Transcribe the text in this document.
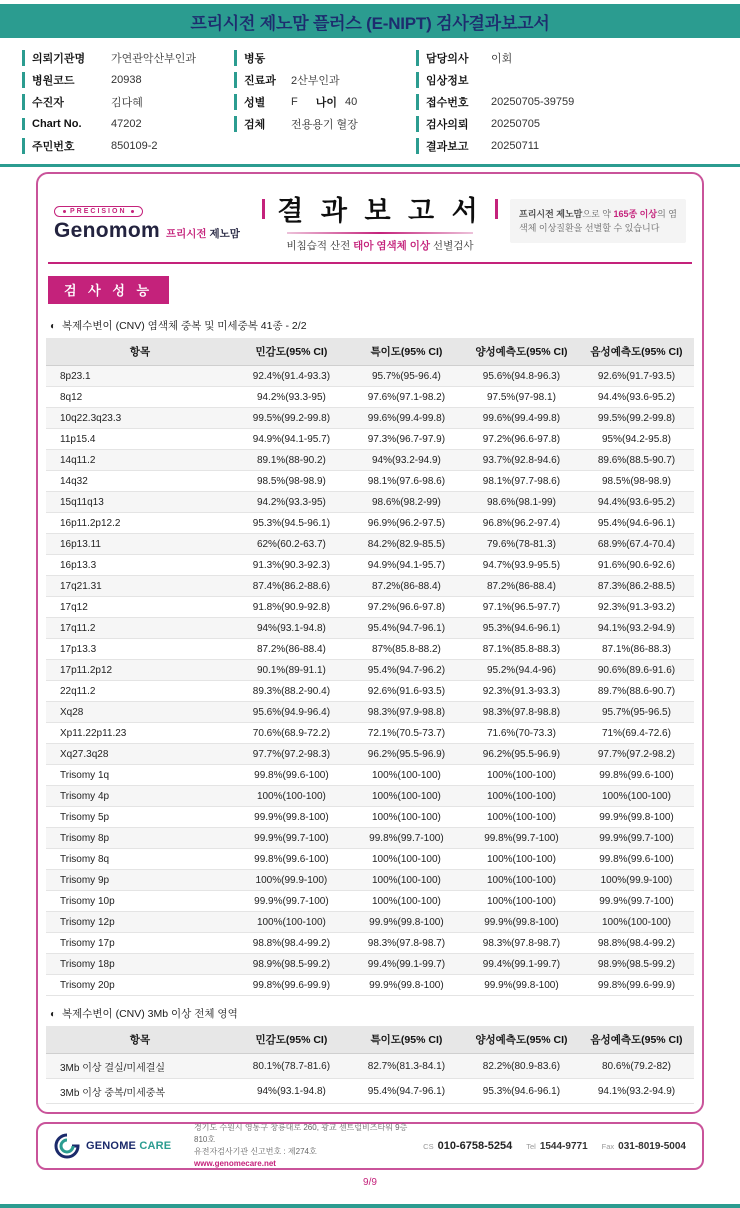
프리시전 제노맘 플러스 (E-NIPT) 검사결과보고서
의뢰기관명	가연관악산부인과
병원코드	20938
수진자	김다혜
Chart No.	47202
주민번호	850109-2
병동
진료과	2산부인과
성별	F 나이 40
검체	전용용기 혈장
담당의사	이회
임상정보
접수번호	20250705-39759
검사의뢰	20250705
결과보고	20250711
PRECISION
Genomom 프리시전 제노맘
결 과 보 고 서
비침습적 산전 태아 염색체 이상 선별검사
프리시전 제노맘으로 약 165종 이상의 염색체 이상질환을 선별할 수 있습니다
검 사 성 능
◐ 복제수변이 (CNV) 염색체 중복 및 미세중복 41종 - 2/2
항목	민감도(95% CI)	특이도(95% CI)	양성예측도(95% CI)	음성예측도(95% CI)
8p23.1	92.4%(91.4-93.3)	95.7%(95-96.4)	95.6%(94.8-96.3)	92.6%(91.7-93.5)
8q12	94.2%(93.3-95)	97.6%(97.1-98.2)	97.5%(97-98.1)	94.4%(93.6-95.2)
10q22.3q23.3	99.5%(99.2-99.8)	99.6%(99.4-99.8)	99.6%(99.4-99.8)	99.5%(99.2-99.8)
11p15.4	94.9%(94.1-95.7)	97.3%(96.7-97.9)	97.2%(96.6-97.8)	95%(94.2-95.8)
14q11.2	89.1%(88-90.2)	94%(93.2-94.9)	93.7%(92.8-94.6)	89.6%(88.5-90.7)
14q32	98.5%(98-98.9)	98.1%(97.6-98.6)	98.1%(97.7-98.6)	98.5%(98-98.9)
15q11q13	94.2%(93.3-95)	98.6%(98.2-99)	98.6%(98.1-99)	94.4%(93.6-95.2)
16p11.2p12.2	95.3%(94.5-96.1)	96.9%(96.2-97.5)	96.8%(96.2-97.4)	95.4%(94.6-96.1)
16p13.11	62%(60.2-63.7)	84.2%(82.9-85.5)	79.6%(78-81.3)	68.9%(67.4-70.4)
16p13.3	91.3%(90.3-92.3)	94.9%(94.1-95.7)	94.7%(93.9-95.5)	91.6%(90.6-92.6)
17q21.31	87.4%(86.2-88.6)	87.2%(86-88.4)	87.2%(86-88.4)	87.3%(86.2-88.5)
17q12	91.8%(90.9-92.8)	97.2%(96.6-97.8)	97.1%(96.5-97.7)	92.3%(91.3-93.2)
17q11.2	94%(93.1-94.8)	95.4%(94.7-96.1)	95.3%(94.6-96.1)	94.1%(93.2-94.9)
17p13.3	87.2%(86-88.4)	87%(85.8-88.2)	87.1%(85.8-88.3)	87.1%(86-88.3)
17p11.2p12	90.1%(89-91.1)	95.4%(94.7-96.2)	95.2%(94.4-96)	90.6%(89.6-91.6)
22q11.2	89.3%(88.2-90.4)	92.6%(91.6-93.5)	92.3%(91.3-93.3)	89.7%(88.6-90.7)
Xq28	95.6%(94.9-96.4)	98.3%(97.9-98.8)	98.3%(97.8-98.8)	95.7%(95-96.5)
Xp11.22p11.23	70.6%(68.9-72.2)	72.1%(70.5-73.7)	71.6%(70-73.3)	71%(69.4-72.6)
Xq27.3q28	97.7%(97.2-98.3)	96.2%(95.5-96.9)	96.2%(95.5-96.9)	97.7%(97.2-98.2)
Trisomy 1q	99.8%(99.6-100)	100%(100-100)	100%(100-100)	99.8%(99.6-100)
Trisomy 4p	100%(100-100)	100%(100-100)	100%(100-100)	100%(100-100)
Trisomy 5p	99.9%(99.8-100)	100%(100-100)	100%(100-100)	99.9%(99.8-100)
Trisomy 8p	99.9%(99.7-100)	99.8%(99.7-100)	99.8%(99.7-100)	99.9%(99.7-100)
Trisomy 8q	99.8%(99.6-100)	100%(100-100)	100%(100-100)	99.8%(99.6-100)
Trisomy 9p	100%(99.9-100)	100%(100-100)	100%(100-100)	100%(99.9-100)
Trisomy 10p	99.9%(99.7-100)	100%(100-100)	100%(100-100)	99.9%(99.7-100)
Trisomy 12p	100%(100-100)	99.9%(99.8-100)	99.9%(99.8-100)	100%(100-100)
Trisomy 17p	98.8%(98.4-99.2)	98.3%(97.8-98.7)	98.3%(97.8-98.7)	98.8%(98.4-99.2)
Trisomy 18p	98.9%(98.5-99.2)	99.4%(99.1-99.7)	99.4%(99.1-99.7)	98.9%(98.5-99.2)
Trisomy 20p	99.8%(99.6-99.9)	99.9%(99.8-100)	99.9%(99.8-100)	99.8%(99.6-99.9)
◐ 복제수변이 (CNV) 3Mb 이상 전체 영역
항목	민감도(95% CI)	특이도(95% CI)	양성예측도(95% CI)	음성예측도(95% CI)
3Mb 이상 결실/미세결실	80.1%(78.7-81.6)	82.7%(81.3-84.1)	82.2%(80.9-83.6)	80.6%(79.2-82)
3Mb 이상 중복/미세중복	94%(93.1-94.8)	95.4%(94.7-96.1)	95.3%(94.6-96.1)	94.1%(93.2-94.9)
GENOME CARE
경기도 수원시 영통구 창룡대로 260, 광교 센트럴비즈타워 9층 810호
유전자검사기관 신고번호 : 제274호
www.genomecare.net
CS 010-6758-5254 Tel 1544-9771 Fax 031-8019-5004
9/9
